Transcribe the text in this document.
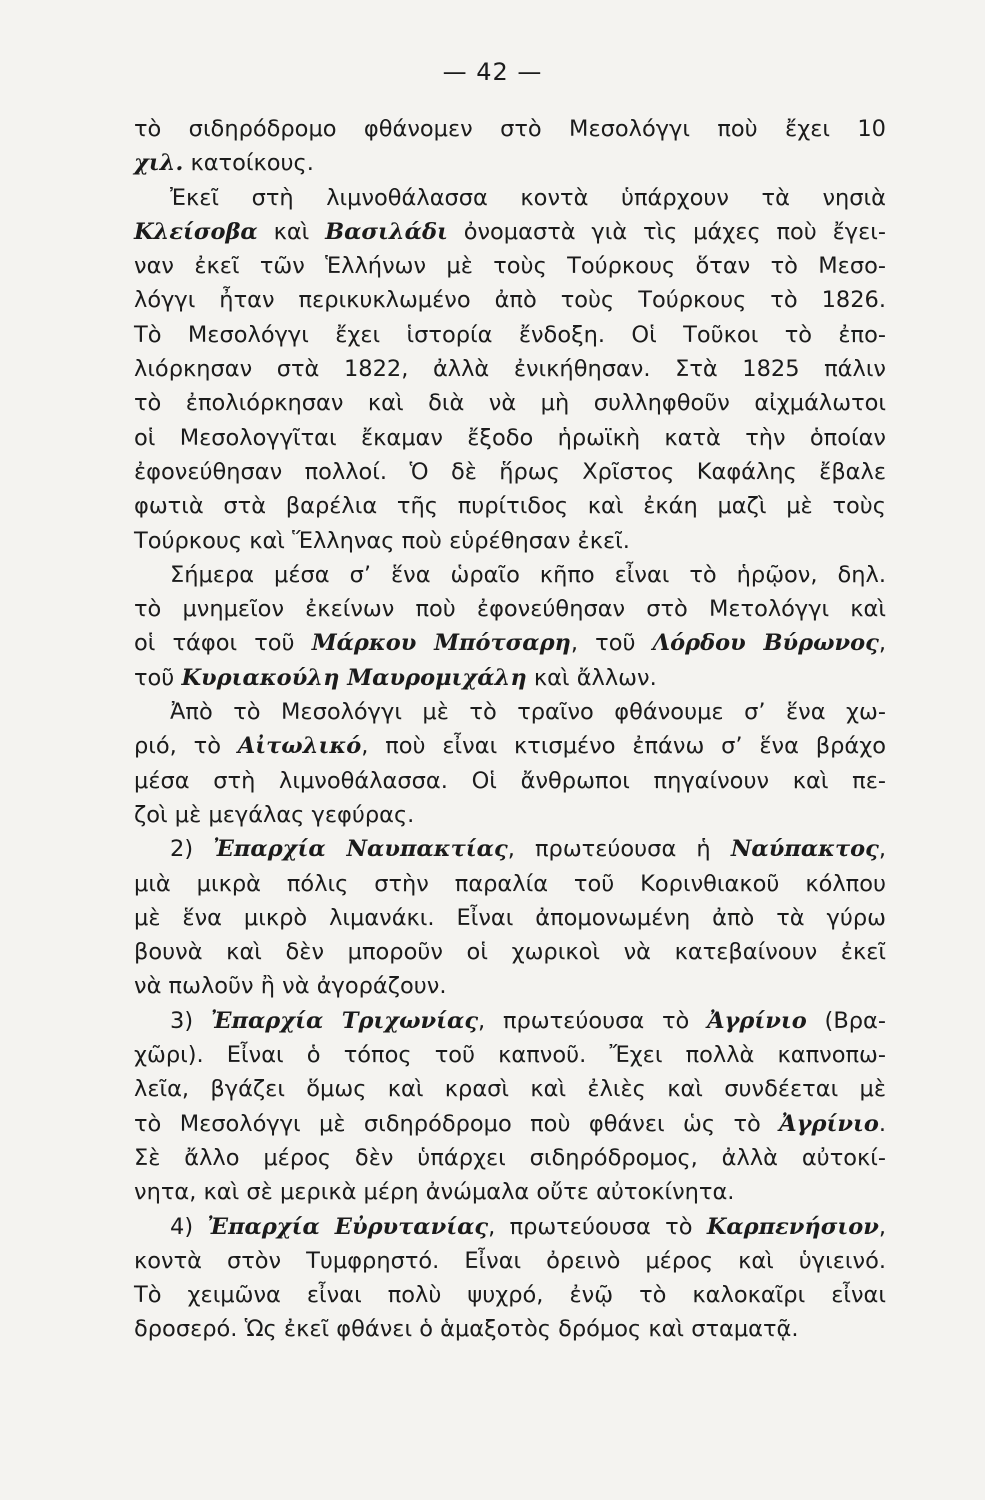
— 42 —
τὸ σιδηρόδρομο φθάνομεν στὸ Μεσολόγγι ποὺ ἔχει 10
χιλ. κατοίκους.
Ἐκεῖ στὴ λιμνοθάλασσα κοντὰ ὑπάρχουν τὰ νησιὰ
Κλείσοβα καὶ Βασιλάδι ὀνομαστὰ γιὰ τὶς μάχες ποὺ ἔγει-
ναν ἐκεῖ τῶν Ἑλλήνων μὲ τοὺς Τούρκους ὅταν τὸ Μεσο-
λόγγι ἦταν περικυκλωμένο ἀπὸ τοὺς Τούρκους τὸ 1826.
Τὸ Μεσολόγγι ἔχει ἱστορία ἔνδοξη. Οἱ Τοῦκοι τὸ ἐπο-
λιόρκησαν στὰ 1822, ἀλλὰ ἐνικήθησαν. Στὰ 1825 πάλιν
τὸ ἐπολιόρκησαν καὶ διὰ νὰ μὴ συλληφθοῦν αἰχμάλωτοι
οἱ Μεσολογγῖται ἔκαμαν ἔξοδο ἡρωϊκὴ κατὰ τὴν ὁποίαν
ἐφονεύθησαν πολλοί. Ὁ δὲ ἥρως Χρῖστος Καφάλης ἔβαλε
φωτιὰ στὰ βαρέλια τῆς πυρίτιδος καὶ ἐκάη μαζὶ μὲ τοὺς
Τούρκους καὶ Ἕλληνας ποὺ εὑρέθησαν ἐκεῖ.
Σήμερα μέσα σ’ ἕνα ὡραῖο κῆπο εἶναι τὸ ἡρῷον, δηλ.
τὸ μνημεῖον ἐκείνων ποὺ ἐφονεύθησαν στὸ Μετολόγγι καὶ
οἱ τάφοι τοῦ Μάρκου Μπότσαρη, τοῦ Λόρδου Βύρωνος,
τοῦ Κυριακούλη Μαυρομιχάλη καὶ ἄλλων.
Ἀπὸ τὸ Μεσολόγγι μὲ τὸ τραῖνο φθάνουμε σ’ ἕνα χω-
ριό, τὸ Αἰτωλικό, ποὺ εἶναι κτισμένο ἐπάνω σ’ ἕνα βράχο
μέσα στὴ λιμνοθάλασσα. Οἱ ἄνθρωποι πηγαίνουν καὶ πε-
ζοὶ μὲ μεγάλας γεφύρας.
2) Ἐπαρχία Ναυπακτίας, πρωτεύουσα ἡ Ναύπακτος,
μιὰ μικρὰ πόλις στὴν παραλία τοῦ Κορινθιακοῦ κόλπου
μὲ ἕνα μικρὸ λιμανάκι. Εἶναι ἀπομονωμένη ἀπὸ τὰ γύρω
βουνὰ καὶ δὲν μποροῦν οἱ χωρικοὶ νὰ κατεβαίνουν ἐκεῖ
νὰ πωλοῦν ἢ νὰ ἀγοράζουν.
3) Ἐπαρχία Τριχωνίας, πρωτεύουσα τὸ Ἀγρίνιο (Βρα-
χῶρι). Εἶναι ὁ τόπος τοῦ καπνοῦ. Ἔχει πολλὰ καπνοπω-
λεῖα, βγάζει ὅμως καὶ κρασὶ καὶ ἐλιὲς καὶ συνδέεται μὲ
τὸ Μεσολόγγι μὲ σιδηρόδρομο ποὺ φθάνει ὡς τὸ Ἀγρίνιο.
Σὲ ἄλλο μέρος δὲν ὑπάρχει σιδηρόδρομος, ἀλλὰ αὐτοκί-
νητα, καὶ σὲ μερικὰ μέρη ἀνώμαλα οὔτε αὐτοκίνητα.
4) Ἐπαρχία Εὐρυτανίας, πρωτεύουσα τὸ Καρπενήσιον,
κοντὰ στὸν Τυμφρηστό. Εἶναι ὀρεινὸ μέρος καὶ ὑγιεινό.
Τὸ χειμῶνα εἶναι πολὺ ψυχρό, ἐνῷ τὸ καλοκαῖρι εἶναι
δροσερό. Ὡς ἐκεῖ φθάνει ὁ ἁμαξοτὸς δρόμος καὶ σταματᾷ.
